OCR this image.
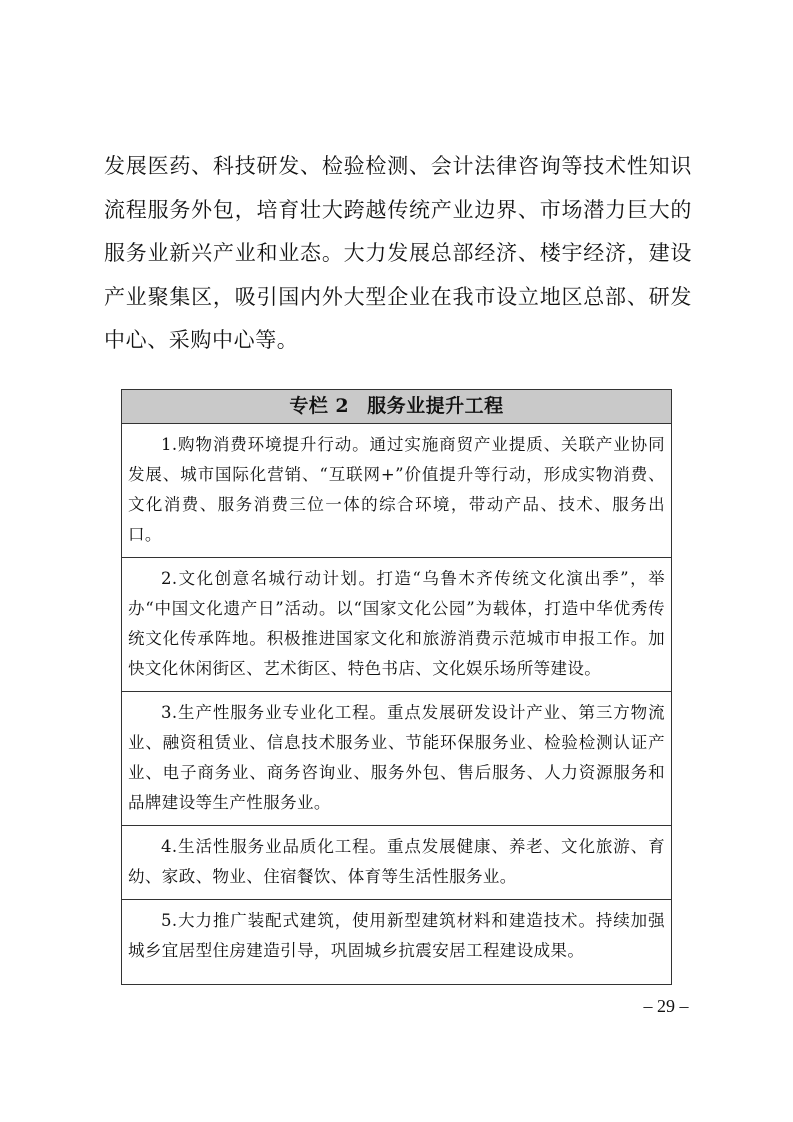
发展医药、科技研发、检验检测、会计法律咨询等技术性知识流程服务外包，培育壮大跨越传统产业边界、市场潜力巨大的服务业新兴产业和业态。大力发展总部经济、楼宇经济，建设产业聚集区，吸引国内外大型企业在我市设立地区总部、研发中心、采购中心等。

专栏 2 服务业提升工程
1.购物消费环境提升行动。通过实施商贸产业提质、关联产业协同发展、城市国际化营销、“互联网+”价值提升等行动，形成实物消费、文化消费、服务消费三位一体的综合环境，带动产品、技术、服务出口。
2.文化创意名城行动计划。打造“乌鲁木齐传统文化演出季”，举办“中国文化遗产日”活动。以“国家文化公园”为载体，打造中华优秀传统文化传承阵地。积极推进国家文化和旅游消费示范城市申报工作。加快文化休闲街区、艺术街区、特色书店、文化娱乐场所等建设。
3.生产性服务业专业化工程。重点发展研发设计产业、第三方物流业、融资租赁业、信息技术服务业、节能环保服务业、检验检测认证产业、电子商务业、商务咨询业、服务外包、售后服务、人力资源服务和品牌建设等生产性服务业。
4.生活性服务业品质化工程。重点发展健康、养老、文化旅游、育幼、家政、物业、住宿餐饮、体育等生活性服务业。
5.大力推广装配式建筑，使用新型建筑材料和建造技术。持续加强城乡宜居型住房建造引导，巩固城乡抗震安居工程建设成果。
– 29 –
